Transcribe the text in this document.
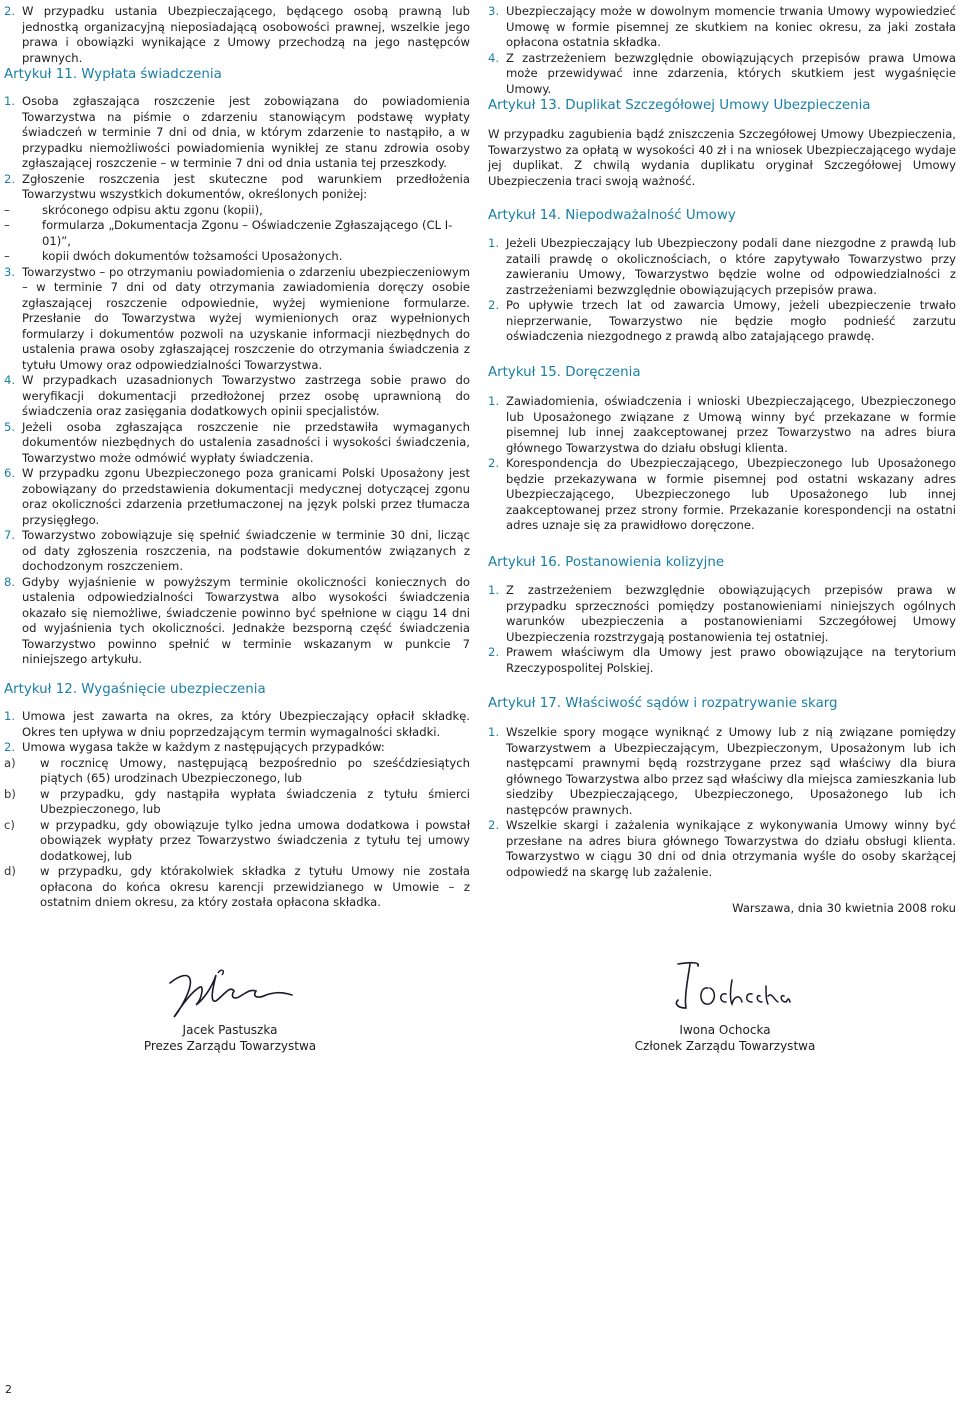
2. W przypadku ustania Ubezpieczającego, będącego osobą prawną lub jednostką organizacyjną nieposiadającą osobowości prawnej, wszelkie jego prawa i obowiązki wynikające z Umowy przechodzą na jego następców prawnych.

Artykuł 11. Wypłata świadczenia

1. Osoba zgłaszająca roszczenie jest zobowiązana do powiadomienia Towarzystwa na piśmie o zdarzeniu stanowiącym podstawę wypłaty świadczeń w terminie 7 dni od dnia, w którym zdarzenie to nastąpiło, a w przypadku niemożliwości powiadomienia wynikłej ze stanu zdrowia osoby zgłaszającej roszczenie – w terminie 7 dni od dnia ustania tej przeszkody.

2. Zgłoszenie roszczenia jest skuteczne pod warunkiem przedłożenia Towarzystwu wszystkich dokumentów, określonych poniżej:

–	skróconego odpisu aktu zgonu (kopii),

–	formularza „Dokumentacja Zgonu – Oświadczenie Zgłaszającego (CL I-01)”,

–	kopii dwóch dokumentów tożsamości Uposażonych.

3. Towarzystwo – po otrzymaniu powiadomienia o zdarzeniu ubezpieczeniowym – w terminie 7 dni od daty otrzymania zawiadomienia doręczy osobie zgłaszającej roszczenie odpowiednie, wyżej wymienione formularze. Przesłanie do Towarzystwa wyżej wymienionych oraz wypełnionych formularzy i dokumentów pozwoli na uzyskanie informacji niezbędnych do ustalenia prawa osoby zgłaszającej roszczenie do otrzymania świadczenia z tytułu Umowy oraz odpowiedzialności Towarzystwa.

4. W przypadkach uzasadnionych Towarzystwo zastrzega sobie prawo do weryfikacji dokumentacji przedłożonej przez osobę uprawnioną do świadczenia oraz zasięgania dodatkowych opinii specjalistów.

5. Jeżeli osoba zgłaszająca roszczenie nie przedstawiła wymaganych dokumentów niezbędnych do ustalenia zasadności i wysokości świadczenia, Towarzystwo może odmówić wypłaty świadczenia.

6. W przypadku zgonu Ubezpieczonego poza granicami Polski Uposażony jest zobowiązany do przedstawienia dokumentacji medycznej dotyczącej zgonu oraz okoliczności zdarzenia przetłumaczonej na język polski przez tłumacza przysięgłego.

7. Towarzystwo zobowiązuje się spełnić świadczenie w terminie 30 dni, licząc od daty zgłoszenia roszczenia, na podstawie dokumentów związanych z dochodzonym roszczeniem.

8. Gdyby wyjaśnienie w powyższym terminie okoliczności koniecznych do ustalenia odpowiedzialności Towarzystwa albo wysokości świadczenia okazało się niemożliwe, świadczenie powinno być spełnione w ciągu 14 dni od wyjaśnienia tych okoliczności. Jednakże bezsporną część świadczenia Towarzystwo powinno spełnić w terminie wskazanym w punkcie 7 niniejszego artykułu.

Artykuł 12. Wygaśnięcie ubezpieczenia

1. Umowa jest zawarta na okres, za który Ubezpieczający opłacił składkę. Okres ten upływa w dniu poprzedzającym termin wymagalności składki.

2. Umowa wygasa także w każdym z następujących przypadków:

a) w rocznicę Umowy, następującą bezpośrednio po sześćdziesiątych piątych (65) urodzinach Ubezpieczonego, lub

b) w przypadku, gdy nastąpiła wypłata świadczenia z tytułu śmierci Ubezpieczonego, lub

c) w przypadku, gdy obowiązuje tylko jedna umowa dodatkowa i powstał obowiązek wypłaty przez Towarzystwo świadczenia z tytułu tej umowy dodatkowej, lub

d) w przypadku, gdy którakolwiek składka z tytułu Umowy nie została opłacona do końca okresu karencji przewidzianego w Umowie – z ostatnim dniem okresu, za który została opłacona składka.

3. Ubezpieczający może w dowolnym momencie trwania Umowy wypowiedzieć Umowę w formie pisemnej ze skutkiem na koniec okresu, za jaki została opłacona ostatnia składka.

4. Z zastrzeżeniem bezwzględnie obowiązujących przepisów prawa Umowa może przewidywać inne zdarzenia, których skutkiem jest wygaśnięcie Umowy.

Artykuł 13. Duplikat Szczegółowej Umowy Ubezpieczenia

W przypadku zagubienia bądź zniszczenia Szczegółowej Umowy Ubezpieczenia, Towarzystwo za opłatą w wysokości 40 zł i na wniosek Ubezpieczającego wydaje jej duplikat. Z chwilą wydania duplikatu oryginał Szczegółowej Umowy Ubezpieczenia traci swoją ważność.

Artykuł 14. Niepodważalność Umowy

1. Jeżeli Ubezpieczający lub Ubezpieczony podali dane niezgodne z prawdą lub zataili prawdę o okolicznościach, o które zapytywało Towarzystwo przy zawieraniu Umowy, Towarzystwo będzie wolne od odpowiedzialności z zastrzeżeniami bezwzględnie obowiązujących przepisów prawa.

2. Po upływie trzech lat od zawarcia Umowy, jeżeli ubezpieczenie trwało nieprzerwanie, Towarzystwo nie będzie mogło podnieść zarzutu oświadczenia niezgodnego z prawdą albo zatajającego prawdę.

Artykuł 15. Doręczenia

1. Zawiadomienia, oświadczenia i wnioski Ubezpieczającego, Ubezpieczonego lub Uposażonego związane z Umową winny być przekazane w formie pisemnej lub innej zaakceptowanej przez Towarzystwo na adres biura głównego Towarzystwa do działu obsługi klienta.

2. Korespondencja do Ubezpieczającego, Ubezpieczonego lub Uposażonego będzie przekazywana w formie pisemnej pod ostatni wskazany adres Ubezpieczającego, Ubezpieczonego lub Uposażonego lub innej zaakceptowanej przez strony formie. Przekazanie korespondencji na ostatni adres uznaje się za prawidłowo doręczone.

Artykuł 16. Postanowienia kolizyjne

1. Z zastrzeżeniem bezwzględnie obowiązujących przepisów prawa w przypadku sprzeczności pomiędzy postanowieniami niniejszych ogólnych warunków ubezpieczenia a postanowieniami Szczegółowej Umowy Ubezpieczenia rozstrzygają postanowienia tej ostatniej.

2. Prawem właściwym dla Umowy jest prawo obowiązujące na terytorium Rzeczypospolitej Polskiej.

Artykuł 17. Właściwość sądów i rozpatrywanie skarg

1. Wszelkie spory mogące wyniknąć z Umowy lub z nią związane pomiędzy Towarzystwem a Ubezpieczającym, Ubezpieczonym, Uposażonym lub ich następcami prawnymi będą rozstrzygane przez sąd właściwy dla biura głównego Towarzystwa albo przez sąd właściwy dla miejsca zamieszkania lub siedziby Ubezpieczającego, Ubezpieczonego, Uposażonego lub ich następców prawnych.

2. Wszelkie skargi i zażalenia wynikające z wykonywania Umowy winny być przesłane na adres biura głównego Towarzystwa do działu obsługi klienta. Towarzystwo w ciągu 30 dni od dnia otrzymania wyśle do osoby skarżącej odpowiedź na skargę lub zażalenie.

Warszawa, dnia 30 kwietnia 2008 roku

Jacek Pastuszka
Prezes Zarządu Towarzystwa
Iwona Ochocka
Członek Zarządu Towarzystwa
2
